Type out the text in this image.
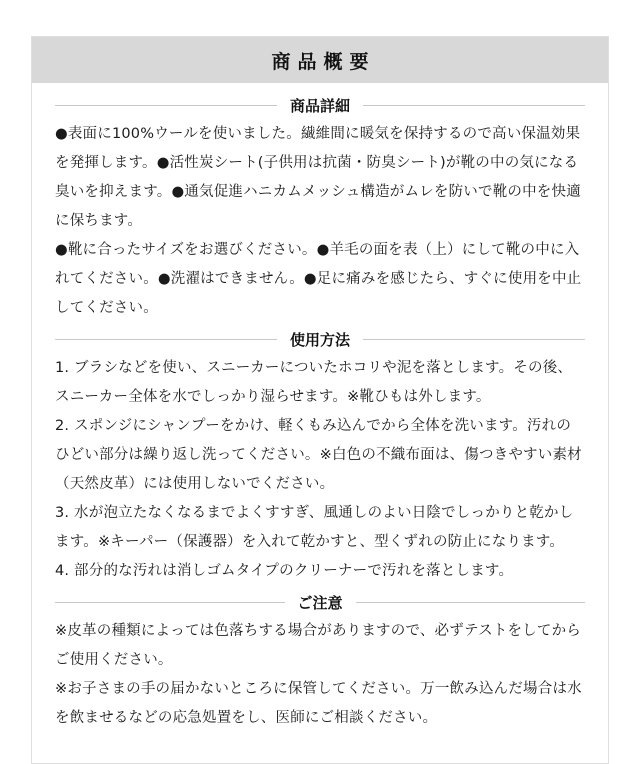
商品概要
商品詳細

●表面に100%ウールを使いました。繊維間に暖気を保持するので高い保温効果を発揮します。●活性炭シート(子供用は抗菌・防臭シート)が靴の中の気になる臭いを抑えます。●通気促進ハニカムメッシュ構造がムレを防いで靴の中を快適に保ちます。

●靴に合ったサイズをお選びください。●羊毛の面を表（上）にして靴の中に入れてください。●洗濯はできません。●足に痛みを感じたら、すぐに使用を中止してください。

使用方法

1. ブラシなどを使い、スニーカーについたホコリや泥を落とします。その後、スニーカー全体を水でしっかり湿らせます。※靴ひもは外します。

2. スポンジにシャンプーをかけ、軽くもみ込んでから全体を洗います。汚れのひどい部分は繰り返し洗ってください。※白色の不織布面は、傷つきやすい素材（天然皮革）には使用しないでください。

3. 水が泡立たなくなるまでよくすすぎ、風通しのよい日陰でしっかりと乾かします。※キーパー（保護器）を入れて乾かすと、型くずれの防止になります。

4. 部分的な汚れは消しゴムタイプのクリーナーで汚れを落とします。

ご注意

※皮革の種類によっては色落ちする場合がありますので、必ずテストをしてからご使用ください。

※お子さまの手の届かないところに保管してください。万一飲み込んだ場合は水を飲ませるなどの応急処置をし、医師にご相談ください。
